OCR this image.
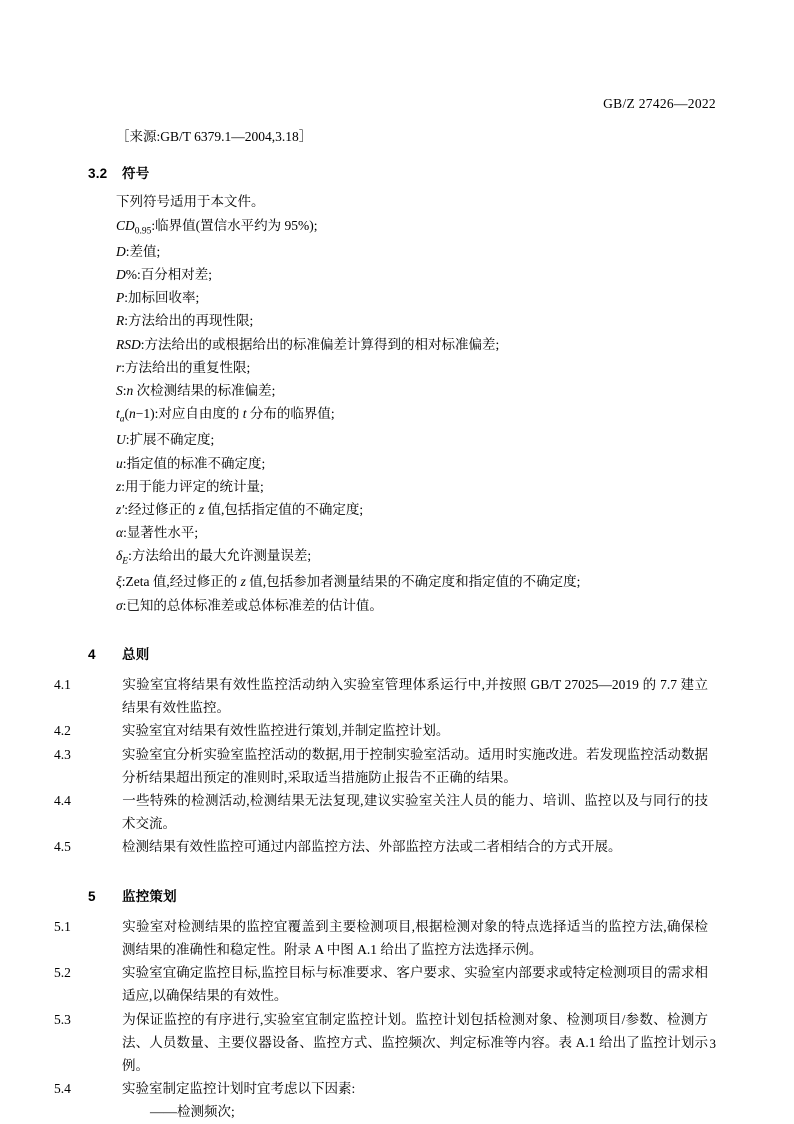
GB/Z 27426—2022
［来源:GB/T 6379.1—2004,3.18］
3.2 符号
下列符号适用于本文件。
$CD_{0.95}$:临界值(置信水平约为 95%);
D:差值;
D%:百分相对差;
P:加标回收率;
R:方法给出的再现性限;
RSD:方法给出的或根据给出的标准偏差计算得到的相对标准偏差;
r:方法给出的重复性限;
S:n 次检测结果的标准偏差;
$t_a(n-1)$:对应自由度的 t 分布的临界值;
U:扩展不确定度;
u:指定值的标准不确定度;
z:用于能力评定的统计量;
z′:经过修正的 z 值,包括指定值的不确定度;
α:显著性水平;
$\delta_E$:方法给出的最大允许测量误差;
ξ:Zeta 值,经过修正的 z 值,包括参加者测量结果的不确定度和指定值的不确定度;
σ:已知的总体标准差或总体标准差的估计值。
4 总则
4.1	实验室宜将结果有效性监控活动纳入实验室管理体系运行中,并按照 GB/T 27025—2019 的 7.7 建立结果有效性监控。
4.2	实验室宜对结果有效性监控进行策划,并制定监控计划。
4.3	实验室宜分析实验室监控活动的数据,用于控制实验室活动。适用时实施改进。若发现监控活动数据分析结果超出预定的准则时,采取适当措施防止报告不正确的结果。
4.4	一些特殊的检测活动,检测结果无法复现,建议实验室关注人员的能力、培训、监控以及与同行的技术交流。
4.5	检测结果有效性监控可通过内部监控方法、外部监控方法或二者相结合的方式开展。
5 监控策划
5.1	实验室对检测结果的监控宜覆盖到主要检测项目,根据检测对象的特点选择适当的监控方法,确保检测结果的准确性和稳定性。附录 A 中图 A.1 给出了监控方法选择示例。
5.2	实验室宜确定监控目标,监控目标与标准要求、客户要求、实验室内部要求或特定检测项目的需求相适应,以确保结果的有效性。
5.3	为保证监控的有序进行,实验室宜制定监控计划。监控计划包括检测对象、检测项目/参数、检测方法、人员数量、主要仪器设备、监控方式、监控频次、判定标准等内容。表 A.1 给出了监控计划示例。
5.4	实验室制定监控计划时宜考虑以下因素:
——检测频次;
3
